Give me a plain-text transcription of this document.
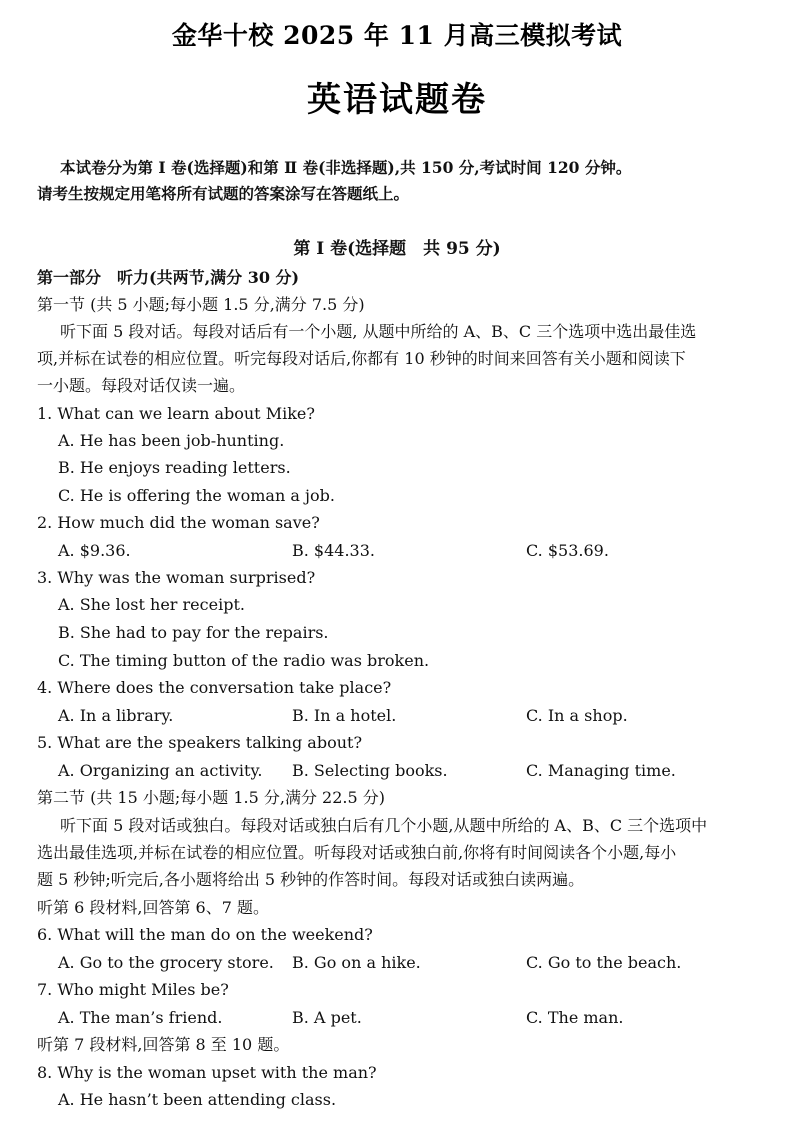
金华十校 2025 年 11 月高三模拟考试
英语试题卷
本试卷分为第 Ⅰ 卷(选择题)和第 Ⅱ 卷(非选择题),共 150 分,考试时间 120 分钟。
请考生按规定用笔将所有试题的答案涂写在答题纸上。
第 Ⅰ 卷(选择题　共 95 分)
第一部分　听力(共两节,满分 30 分)
第一节 (共 5 小题;每小题 1.5 分,满分 7.5 分)
听下面 5 段对话。每段对话后有一个小题, 从题中所给的 A、B、C 三个选项中选出最佳选
项,并标在试卷的相应位置。听完每段对话后,你都有 10 秒钟的时间来回答有关小题和阅读下
一小题。每段对话仅读一遍。
1. What can we learn about Mike?
A. He has been job-hunting.
B. He enjoys reading letters.
C. He is offering the woman a job.
2. How much did the woman save?
A. $9.36.	B. $44.33.	C. $53.69.
3. Why was the woman surprised?
A. She lost her receipt.
B. She had to pay for the repairs.
C. The timing button of the radio was broken.
4. Where does the conversation take place?
A. In a library.	B. In a hotel.	C. In a shop.
5. What are the speakers talking about?
A. Organizing an activity. B. Selecting books.	C. Managing time.
第二节 (共 15 小题;每小题 1.5 分,满分 22.5 分)
听下面 5 段对话或独白。每段对话或独白后有几个小题,从题中所给的 A、B、C 三个选项中
选出最佳选项,并标在试卷的相应位置。听每段对话或独白前,你将有时间阅读各个小题,每小
题 5 秒钟;听完后,各小题将给出 5 秒钟的作答时间。每段对话或独白读两遍。
听第 6 段材料,回答第 6、7 题。
6. What will the man do on the weekend?
A. Go to the grocery store. B. Go on a hike.	C. Go to the beach.
7. Who might Miles be?
A. The man’s friend.	B. A pet.	C. The man.
听第 7 段材料,回答第 8 至 10 题。
8. Why is the woman upset with the man?
A. He hasn’t been attending class.
